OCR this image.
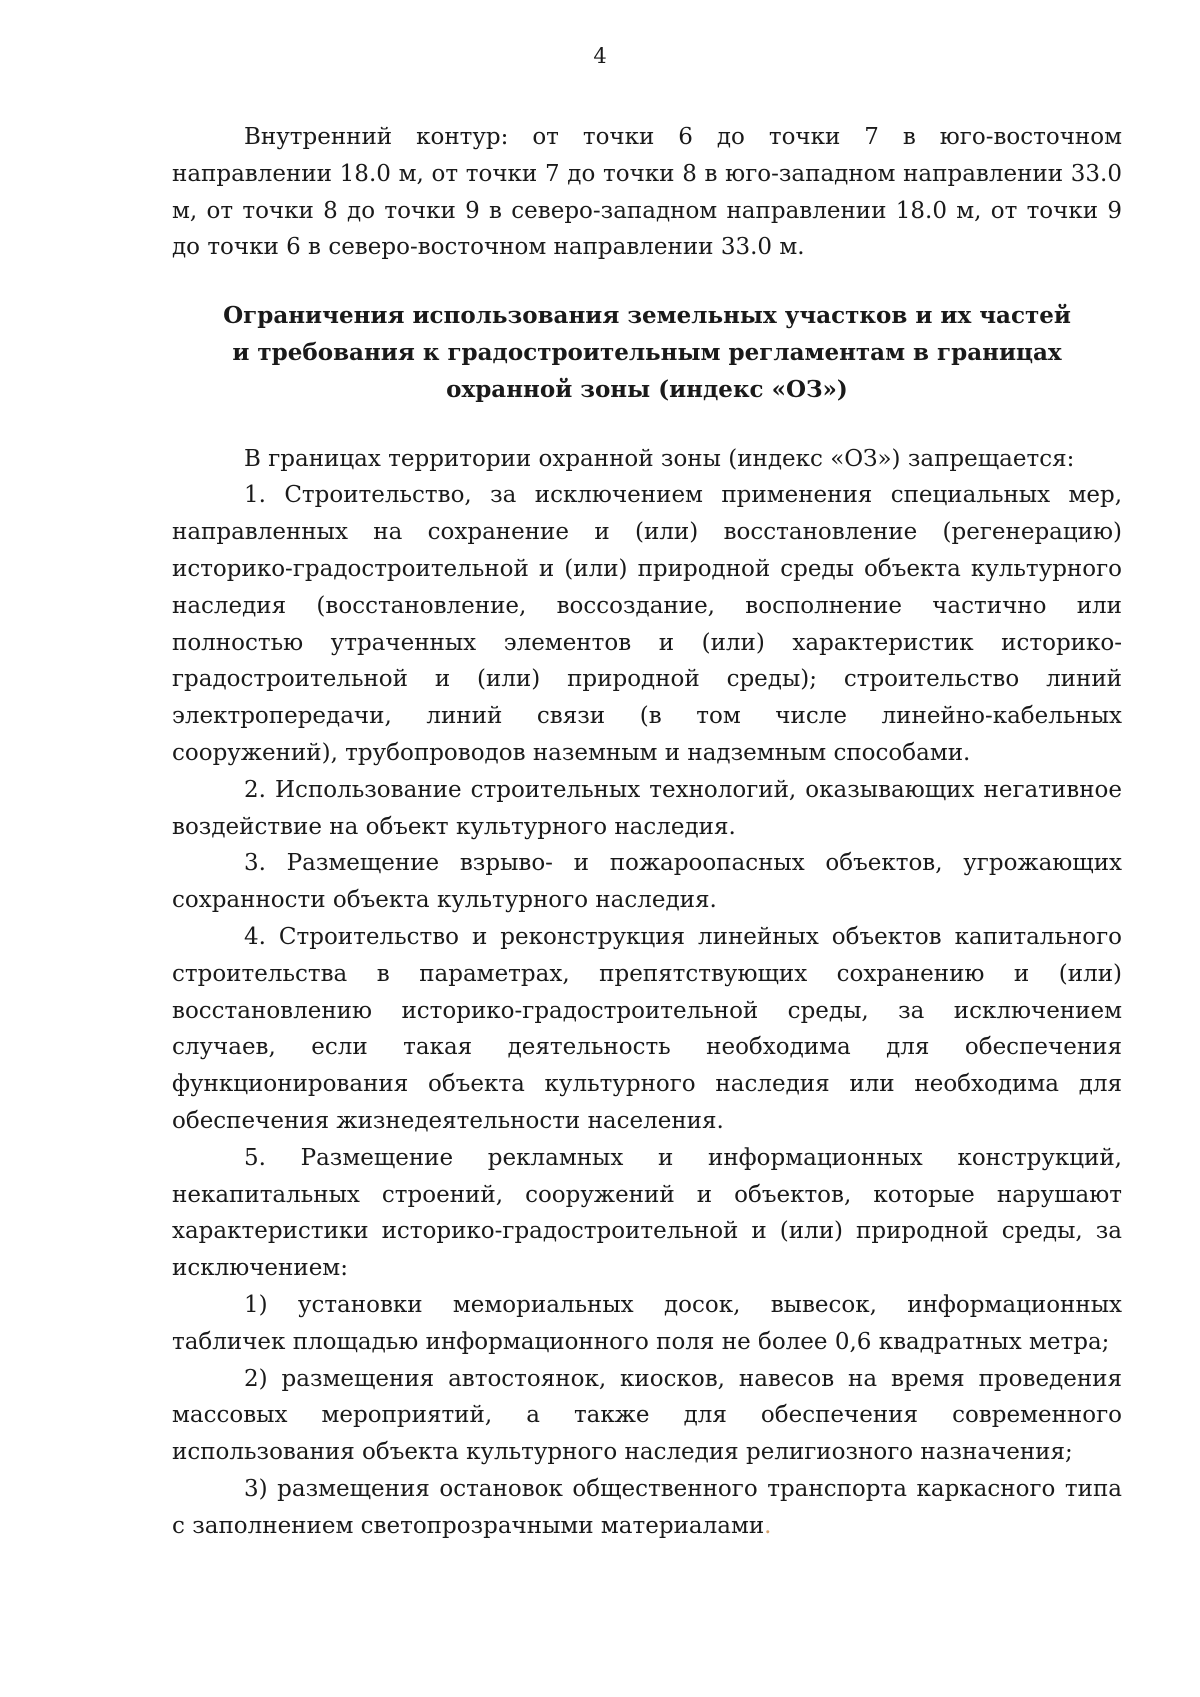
4

Внутренний контур: от точки 6 до точки 7 в юго-восточном направлении 18.0 м, от точки 7 до точки 8 в юго-западном направлении 33.0 м, от точки 8 до точки 9 в северо-западном направлении 18.0 м, от точки 9 до точки 6 в северо-восточном направлении 33.0 м.

Ограничения использования земельных участков и их частей
и требования к градостроительным регламентам в границах
охранной зоны (индекс «ОЗ»)

В границах территории охранной зоны (индекс «ОЗ») запрещается:

1. Строительство, за исключением применения специальных мер, направленных на сохранение и (или) восстановление (регенерацию) историко-градостроительной и (или) природной среды объекта культурного наследия (восстановление, воссоздание, восполнение частично или полностью утраченных элементов и (или) характеристик историко- градостроительной и (или) природной среды); строительство линий электропередачи, линий связи (в том числе линейно-кабельных сооружений), трубопроводов наземным и надземным способами.

2. Использование строительных технологий, оказывающих негативное воздействие на объект культурного наследия.

3. Размещение взрыво- и пожароопасных объектов, угрожающих сохранности объекта культурного наследия.

4. Строительство и реконструкция линейных объектов капитального строительства в параметрах, препятствующих сохранению и (или) восстановлению историко-градостроительной среды, за исключением случаев, если такая деятельность необходима для обеспечения функционирования объекта культурного наследия или необходима для обеспечения жизнедеятельности населения.

5. Размещение рекламных и информационных конструкций, некапитальных строений, сооружений и объектов, которые нарушают характеристики историко-градостроительной и (или) природной среды, за исключением:

1) установки мемориальных досок, вывесок, информационных табличек площадью информационного поля не более 0,6 квадратных метра;

2) размещения автостоянок, киосков, навесов на время проведения массовых мероприятий, а также для обеспечения современного использования объекта культурного наследия религиозного назначения;

3) размещения остановок общественного транспорта каркасного типа с заполнением светопрозрачными материалами.
